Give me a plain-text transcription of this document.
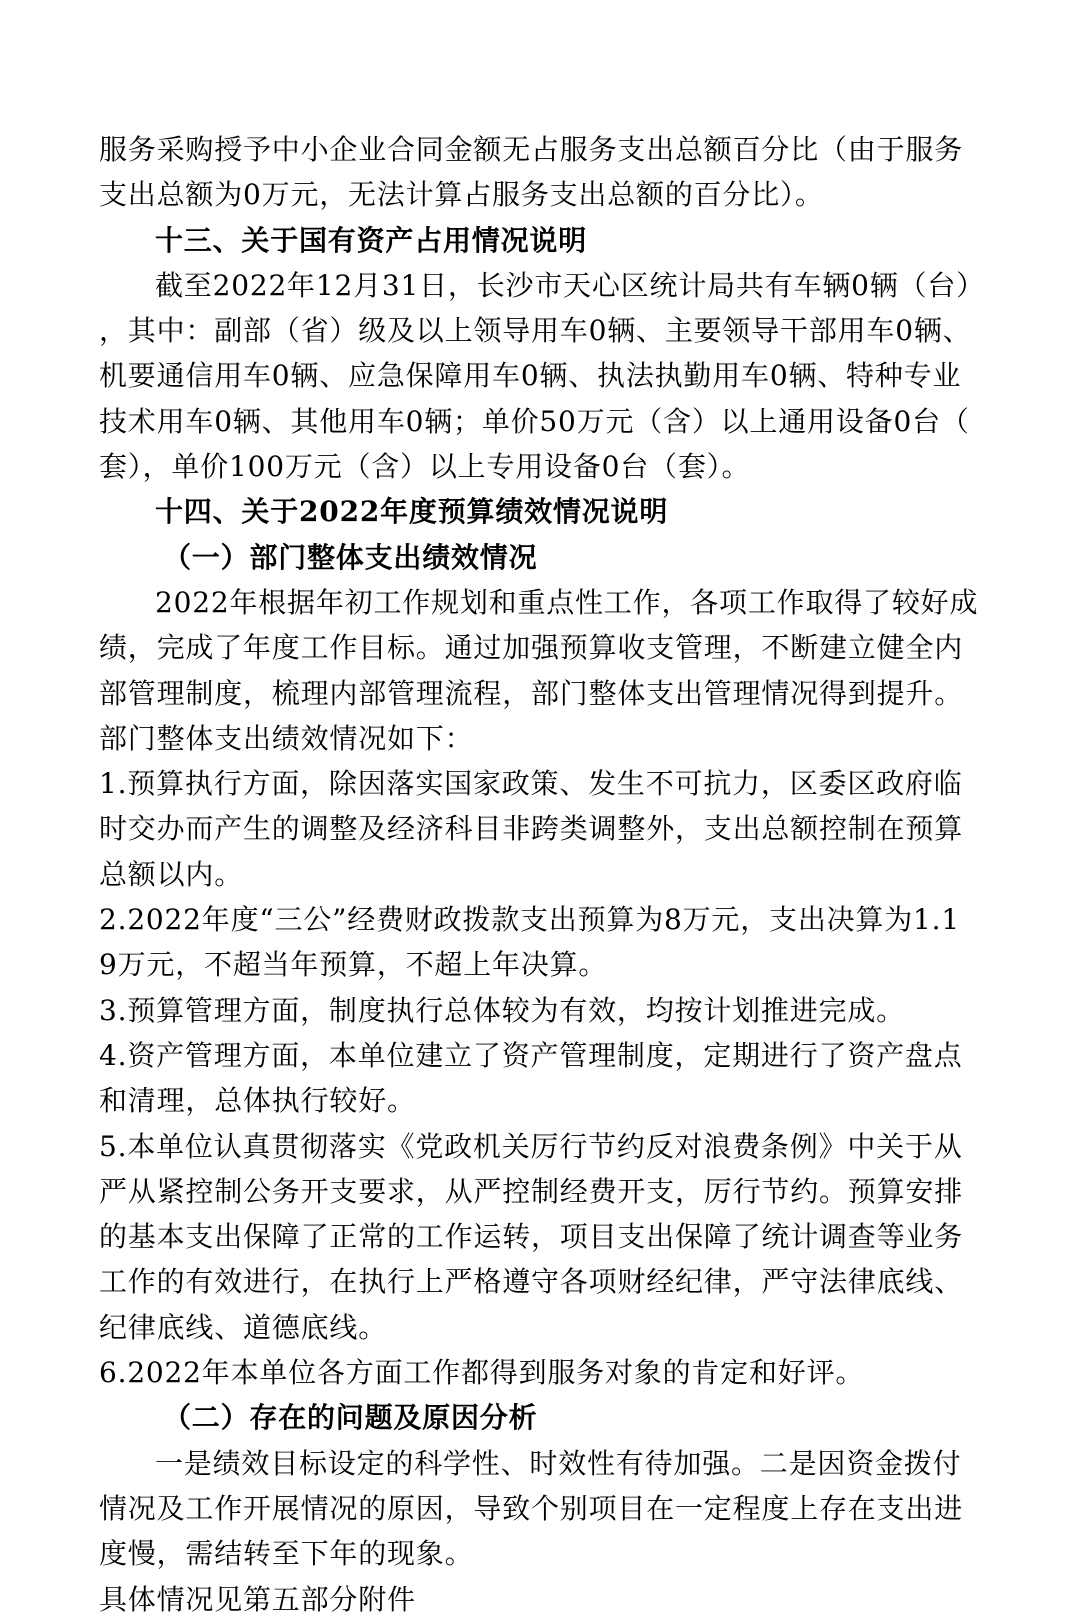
服务采购授予中小企业合同金额无占服务支出总额百分比（由于服务
支出总额为0万元，无法计算占服务支出总额的百分比）。
十三、关于国有资产占用情况说明
截至2022年12月31日，长沙市天心区统计局共有车辆0辆（台）
，其中：副部（省）级及以上领导用车0辆、主要领导干部用车0辆、
机要通信用车0辆、应急保障用车0辆、执法执勤用车0辆、特种专业
技术用车0辆、其他用车0辆；单价50万元（含）以上通用设备0台（
套），单价100万元（含）以上专用设备0台（套）。
十四、关于2022年度预算绩效情况说明
（一）部门整体支出绩效情况
2022年根据年初工作规划和重点性工作，各项工作取得了较好成
绩，完成了年度工作目标。通过加强预算收支管理，不断建立健全内
部管理制度，梳理内部管理流程，部门整体支出管理情况得到提升。
部门整体支出绩效情况如下：
1.预算执行方面，除因落实国家政策、发生不可抗力，区委区政府临
时交办而产生的调整及经济科目非跨类调整外，支出总额控制在预算
总额以内。
2.2022年度“三公”经费财政拨款支出预算为8万元，支出决算为1.1
9万元，不超当年预算，不超上年决算。
3.预算管理方面，制度执行总体较为有效，均按计划推进完成。
4.资产管理方面，本单位建立了资产管理制度，定期进行了资产盘点
和清理，总体执行较好。
5.本单位认真贯彻落实《党政机关厉行节约反对浪费条例》中关于从
严从紧控制公务开支要求，从严控制经费开支，厉行节约。预算安排
的基本支出保障了正常的工作运转，项目支出保障了统计调查等业务
工作的有效进行，在执行上严格遵守各项财经纪律，严守法律底线、
纪律底线、道德底线。
6.2022年本单位各方面工作都得到服务对象的肯定和好评。
（二）存在的问题及原因分析
一是绩效目标设定的科学性、时效性有待加强。二是因资金拨付
情况及工作开展情况的原因，导致个别项目在一定程度上存在支出进
度慢，需结转至下年的现象。
具体情况见第五部分附件
